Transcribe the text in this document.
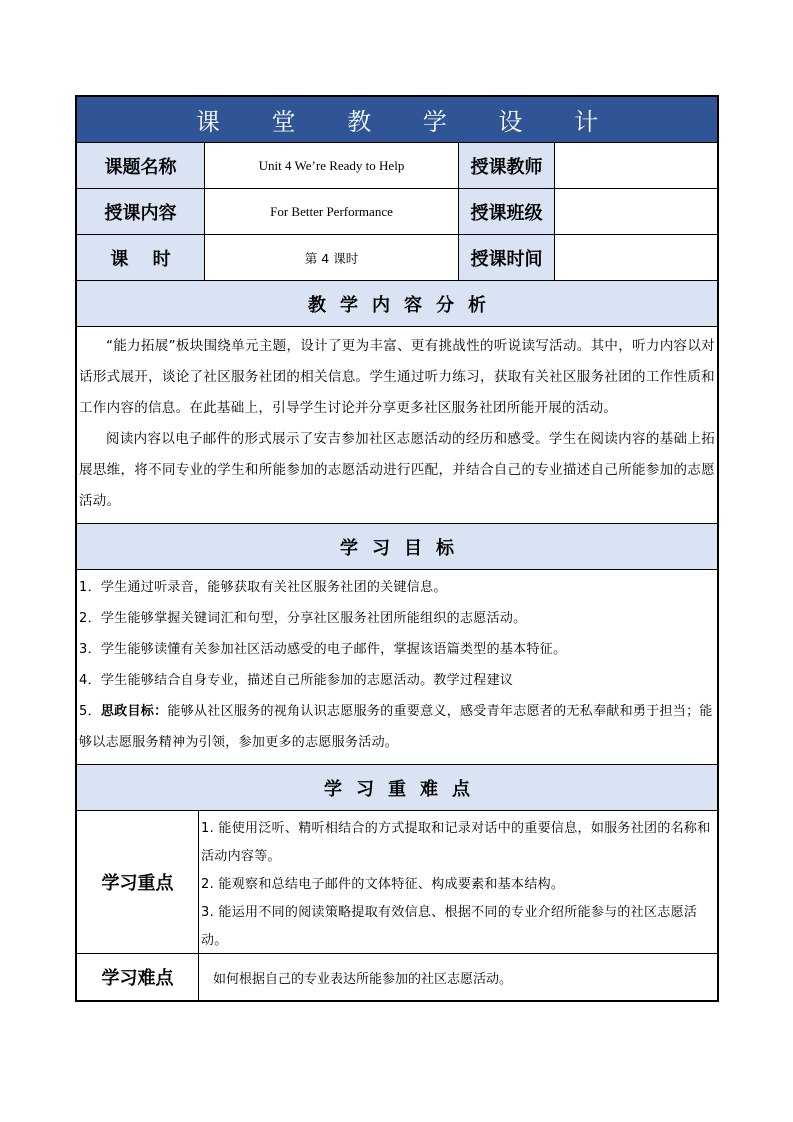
课 堂 教 学 设 计
课题名称	Unit 4 We’re Ready to Help	授课教师
授课内容	For Better Performance	授课班级
课　 时	第 4 课时	授课时间
教学内容分析

“能力拓展”板块围绕单元主题，设计了更为丰富、更有挑战性的听说读写活动。其中，听力内容以对话形式展开，谈论了社区服务社团的相关信息。学生通过听力练习，获取有关社区服务社团的工作性质和工作内容的信息。在此基础上，引导学生讨论并分享更多社区服务社团所能开展的活动。

阅读内容以电子邮件的形式展示了安吉参加社区志愿活动的经历和感受。学生在阅读内容的基础上拓展思维，将不同专业的学生和所能参加的志愿活动进行匹配，并结合自己的专业描述自己所能参加的志愿活动。

学习目标

1．学生通过听录音，能够获取有关社区服务社团的关键信息。

2．学生能够掌握关键词汇和句型，分享社区服务社团所能组织的志愿活动。

3．学生能够读懂有关参加社区活动感受的电子邮件，掌握该语篇类型的基本特征。

4．学生能够结合自身专业，描述自己所能参加的志愿活动。教学过程建议

5．思政目标：能够从社区服务的视角认识志愿服务的重要意义，感受青年志愿者的无私奉献和勇于担当；能够以志愿服务精神为引领，参加更多的志愿服务活动。

学习重难点
学习重点

1. 能使用泛听、精听相结合的方式提取和记录对话中的重要信息，如服务社团的名称和活动内容等。

2. 能观察和总结电子邮件的文体特征、构成要素和基本结构。

3. 能运用不同的阅读策略提取有效信息、根据不同的专业介绍所能参与的社区志愿活动。

学习难点	如何根据自己的专业表达所能参加的社区志愿活动。
